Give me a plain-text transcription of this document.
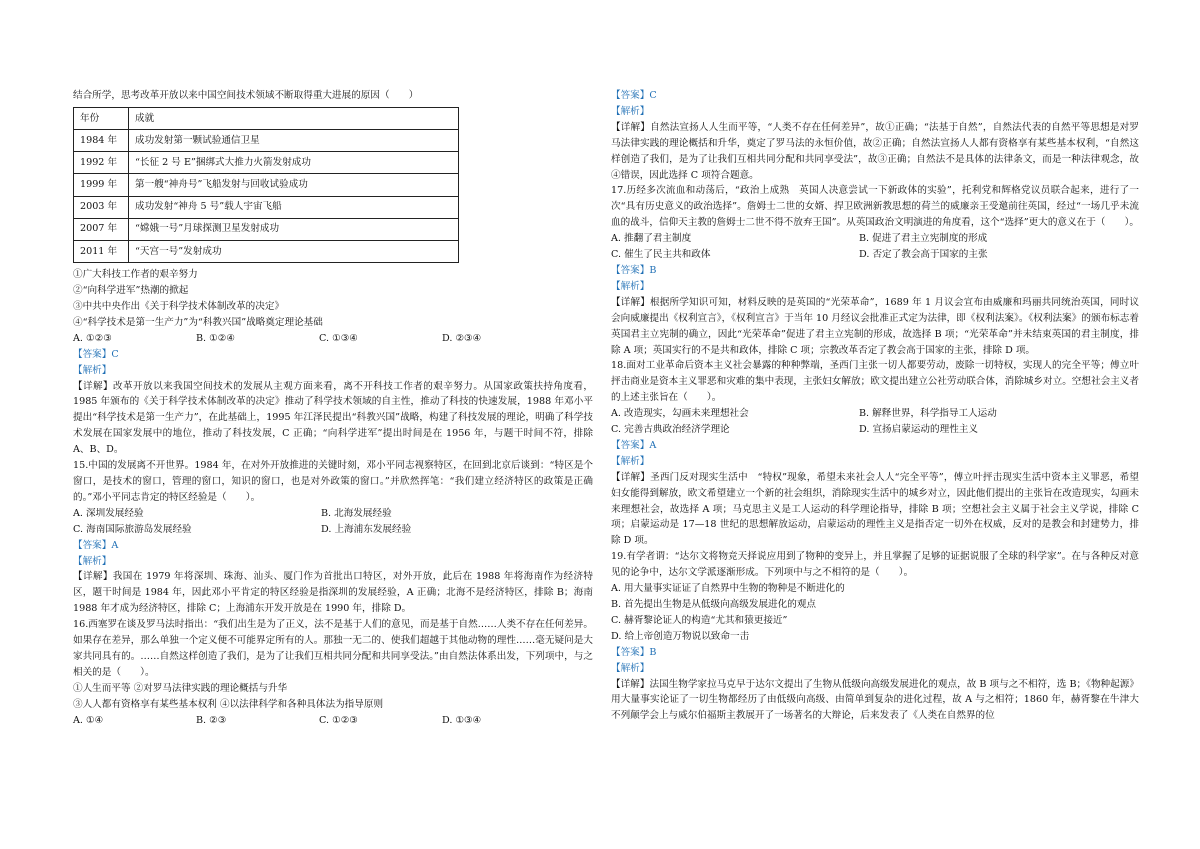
结合所学，思考改革开放以来中国空间技术领域不断取得重大进展的原因（　　）

年份	成就
1984 年	成功发射第一颗试验通信卫星
1992 年	“长征 2 号 E”捆绑式大推力火箭发射成功
1999 年	第一艘“神舟号”飞船发射与回收试验成功
2003 年	成功发射“神舟 5 号”载人宇宙飞船
2007 年	“嫦娥一号”月球探测卫星发射成功
2011 年	“天宫一号”发射成功

①广大科技工作者的艰辛努力

②“向科学进军”热潮的掀起

③中共中央作出《关于科学技术体制改革的决定》

④“科学技术是第一生产力”为“科教兴国”战略奠定理论基础

A. ①②③	B. ①②④	C. ①③④	D. ②③④

【答案】C

【解析】

【详解】改革开放以来我国空间技术的发展从主观方面来看，离不开科技工作者的艰辛努力。从国家政策扶持角度看，1985 年颁布的《关于科学技术体制改革的决定》推动了科学技术领域的自主性，推动了科技的快速发展，1988 年邓小平提出“科学技术是第一生产力”，在此基础上，1995 年江泽民提出“科教兴国”战略，构建了科技发展的理论，明确了科学技术发展在国家发展中的地位，推动了科技发展，C 正确；“向科学进军”提出时间是在 1956 年，与题干时间不符，排除 A、B、D。

15.中国的发展离不开世界。1984 年，在对外开放推进的关键时刻，邓小平同志视察特区，在回到北京后谈到：“特区是个窗口，是技术的窗口，管理的窗口，知识的窗口，也是对外政策的窗口。”并欣然挥笔：“我们建立经济特区的政策是正确的。”邓小平同志肯定的特区经验是（　　）。

A. 深圳发展经验	B. 北海发展经验
C. 海南国际旅游岛发展经验	D. 上海浦东发展经验

【答案】A

【解析】

【详解】我国在 1979 年将深圳、珠海、汕头、厦门作为首批出口特区，对外开放，此后在 1988 年将海南作为经济特区，题干时间是 1984 年，因此邓小平肯定的特区经验是指深圳的发展经验，A 正确；北海不是经济特区，排除 B；海南 1988 年才成为经济特区，排除 C；上海浦东开发开放是在 1990 年，排除 D。

16.西塞罗在谈及罗马法时指出：“我们出生是为了正义，法不是基于人们的意见，而是基于自然……人类不存在任何差异。如果存在差异，那么单独一个定义便不可能界定所有的人。那独一无二的、使我们超越于其他动物的理性……毫无疑问是大家共同具有的。……自然这样创造了我们，是为了让我们互相共同分配和共同享受法。”由自然法体系出发，下列项中，与之相关的是（　　）。

①人生而平等 ②对罗马法律实践的理论概括与升华

③人人都有资格享有某些基本权利 ④以法律科学和各种具体法为指导原则

A. ①④	B. ②③	C. ①②③	D. ①③④

【答案】C

【解析】

【详解】自然法宣扬人人生而平等，“人类不存在任何差异”，故①正确；“法基于自然”，自然法代表的自然平等思想是对罗马法律实践的理论概括和升华，奠定了罗马法的永恒价值，故②正确；自然法宣扬人人都有资格享有某些基本权利，“自然这样创造了我们，是为了让我们互相共同分配和共同享受法”，故③正确；自然法不是具体的法律条文，而是一种法律观念，故④错误，因此选择 C 项符合题意。

17.历经多次流血和动荡后，“政治上成熟　英国人决意尝试一下新政体的实验”，托利党和辉格党议员联合起来，进行了一次“具有历史意义的政治选择”。詹姆士二世的女婿、捍卫欧洲新教思想的荷兰的威廉亲王受邀前往英国，经过“一场几乎未流血的战斗，信仰天主教的詹姆士二世不得不放弃王国”。从英国政治文明演进的角度看，这个“选择”更大的意义在于（　　）。

A. 推翻了君主制度	B. 促进了君主立宪制度的形成
C. 催生了民主共和政体	D. 否定了教会高于国家的主张

【答案】B

【解析】

【详解】根据所学知识可知，材料反映的是英国的“光荣革命”，1689 年 1 月议会宣布由威廉和玛丽共同统治英国，同时议会向威廉提出《权利宣言》，《权利宣言》于当年 10 月经议会批准正式定为法律，即《权利法案》。《权利法案》的颁布标志着英国君主立宪制的确立，因此“光荣革命”促进了君主立宪制的形成，故选择 B 项；“光荣革命”并未结束英国的君主制度，排除 A 项；英国实行的不是共和政体，排除 C 项；宗教改革否定了教会高于国家的主张，排除 D 项。

18.面对工业革命后资本主义社会暴露的种种弊端，圣西门主张一切人都要劳动，废除一切特权，实现人的完全平等；傅立叶抨击商业是资本主义罪恶和灾难的集中表现，主张妇女解放；欧文提出建立公社劳动联合体，消除城乡对立。空想社会主义者的上述主张旨在（　　）。

A. 改造现实，勾画未来理想社会	B. 解释世界，科学指导工人运动
C. 完善古典政治经济学理论	D. 宣扬启蒙运动的理性主义

【答案】A

【解析】

【详解】圣西门反对现实生活中　“特权”现象，希望未来社会人人“完全平等”，傅立叶抨击现实生活中资本主义罪恶，希望妇女能得到解放，欧文希望建立一个新的社会组织，消除现实生活中的城乡对立，因此他们提出的主张旨在改造现实，勾画未来理想社会，故选择 A 项；马克思主义是工人运动的科学理论指导，排除 B 项；空想社会主义属于社会主义学说，排除 C 项；启蒙运动是 17—18 世纪的思想解放运动，启蒙运动的理性主义是指否定一切外在权威，反对的是教会和封建势力，排除 D 项。

19.有学者谓：“达尔文将物竞天择说应用到了物种的变异上，并且掌握了足够的证据说服了全球的科学家”。在与各种反对意见的论争中，达尔文学派逐渐形成。下列项中与之不相符的是（　　）。

A. 用大量事实证证了自然界中生物的物种是不断进化的

B. 首先提出生物是从低级向高级发展进化的观点

C. 赫胥黎论证人的构造“尤其和猿更接近”

D. 给上帝创造万物说以致命一击

【答案】B

【解析】

【详解】法国生物学家拉马克早于达尔文提出了生物从低级向高级发展进化的观点，故 B 项与之不相符，选 B；《物种起源》用大量事实论证了一切生物都经历了由低级向高级、由简单到复杂的进化过程，故 A 与之相符；1860 年，赫胥黎在牛津大不列颠学会上与威尔伯福斯主教展开了一场著名的大辩论，后来发表了《人类在自然界的位
